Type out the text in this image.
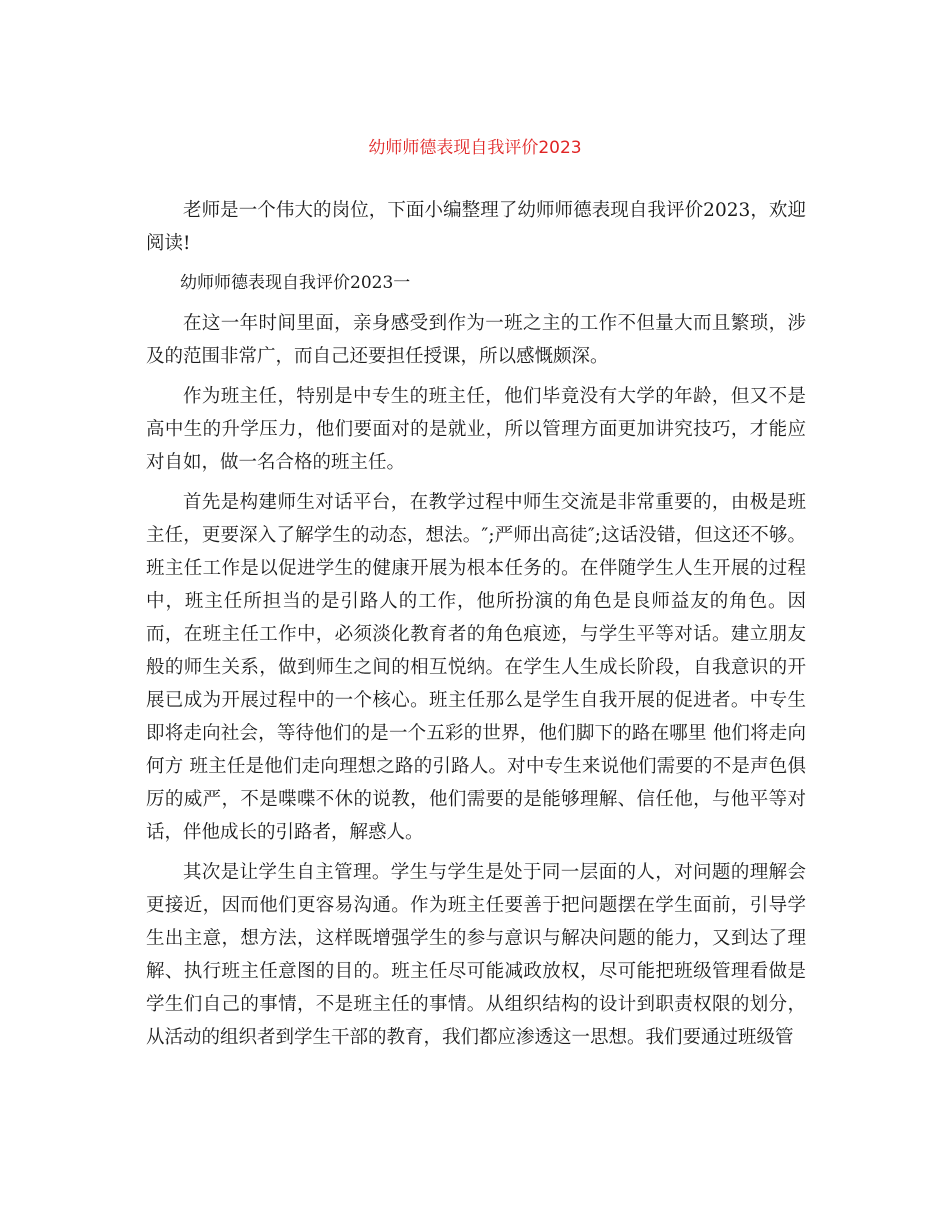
幼师师德表现自我评价2023

老师是一个伟大的岗位，下面小编整理了幼师师德表现自我评价2023，欢迎阅读!

幼师师德表现自我评价2023一

在这一年时间里面，亲身感受到作为一班之主的工作不但量大而且繁琐，涉及的范围非常广，而自己还要担任授课，所以感慨颇深。

作为班主任，特别是中专生的班主任，他们毕竟没有大学的年龄，但又不是高中生的升学压力，他们要面对的是就业，所以管理方面更加讲究技巧，才能应对自如，做一名合格的班主任。

首先是构建师生对话平台，在教学过程中师生交流是非常重要的，由极是班主任，更要深入了解学生的动态，想法。″;严师出高徒″;这话没错，但这还不够。班主任工作是以促进学生的健康开展为根本任务的。在伴随学生人生开展的过程中，班主任所担当的是引路人的工作，他所扮演的角色是良师益友的角色。因而，在班主任工作中，必须淡化教育者的角色痕迹，与学生平等对话。建立朋友般的师生关系，做到师生之间的相互悦纳。在学生人生成长阶段，自我意识的开展已成为开展过程中的一个核心。班主任那么是学生自我开展的促进者。中专生即将走向社会，等待他们的是一个五彩的世界，他们脚下的路在哪里 他们将走向何方 班主任是他们走向理想之路的引路人。对中专生来说他们需要的不是声色俱厉的威严，不是喋喋不休的说教，他们需要的是能够理解、信任他，与他平等对话，伴他成长的引路者，解惑人。

其次是让学生自主管理。学生与学生是处于同一层面的人，对问题的理解会更接近，因而他们更容易沟通。作为班主任要善于把问题摆在学生面前，引导学生出主意，想方法，这样既增强学生的参与意识与解决问题的能力，又到达了理解、执行班主任意图的目的。班主任尽可能减政放权，尽可能把班级管理看做是学生们自己的事情，不是班主任的事情。从组织结构的设计到职责权限的划分，从活动的组织者到学生干部的教育，我们都应渗透这一思想。我们要通过班级管
